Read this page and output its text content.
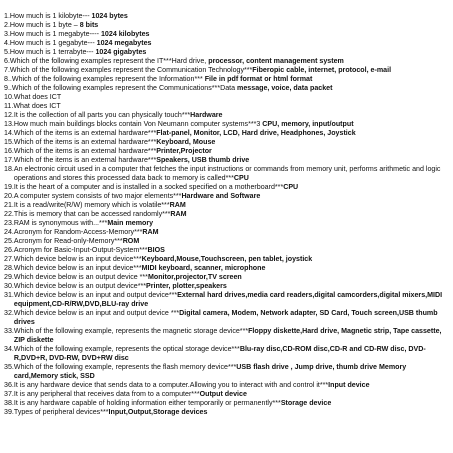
1. How much is 1 kilobyte--- 1024 bytes
2. How much is 1 byte – 8 bits
3. How much is 1 megabyte---- 1024 kilobytes
4. How much is 1 gegabyte--- 1024 megabytes
5. How much is 1 terrabyte--- 1024 gigabytes
6. Which of the following examples represent the IT***Hard drive, processor, content management system
7. Which of the following examples represent the Communication Technology***Fiberopic cable, internet, protocol, e-mail
8. .Which of the following examples represent the Information*** File in pdf format or html format
9. .Which of the following examples represent the Communications***Data message, voice, data packet
10. What does ICT
11. What does ICT
12. It is the collection of all parts you can physically touch***Hardware
13. How much main buildings blocks contain Von Neumann computer systems***3 CPU, memory, input/output
14. Which of the items is an external hardware***Flat-panel, Monitor, LCD, Hard drive, Headphones, Joystick
15. Which of the items is an external hardware***Keyboard, Mouse
16. Which of the items is an external hardware***Printer,Projector
17. Which of the items is an external hardware***Speakers, USB thumb drive
18. An electronic circuit used in a computer that fetches the input instructions or commands from memory unit, performs arithmetic and logic operations and stores this processed data back to memory is called***CPU
19. It is the heart of a computer and is installed in a socked specified on a motherboard***CPU
20. A computer system consists of two major elements***Hardware and Software
21. It is a read/write(R/W) memory which is volatile***RAM
22. This is memory that can be accessed randomly***RAM
23. RAM is synonymous with...***Main memory
24. Acronym for Random-Access-Memory***RAM
25. Acronym for Read-only-Memory***ROM
26. Acronym for Basic-Input-Output-System***BIOS
27. Which device below is an input device***Keyboard,Mouse,Touchscreen, pen tablet, joystick
28. Which device below is an input device***MIDI keyboard, scanner, microphone
29. Which device below is an output device ***Monitor,projector,TV screen
30. Which device below is an output device***Printer, plotter,speakers
31. Which device below is an input and output device***External hard drives,media card readers,digital camcorders,digital mixers,MIDI equipment,CD-R/RW,DVD,BLU-ray drive
32. Which device below is an input and output device ***Digital camera, Modem, Network adapter, SD Card, Touch screen,USB thumb drives
33. Which of the following example, represents the magnetic storage device***Floppy diskette,Hard drive, Magnetic strip, Tape cassette, ZIP diskette
34. Which of the following example, represents the optical storage device***Blu-ray disc,CD-ROM disc,CD-R and CD-RW disc, DVD-R,DVD+R, DVD-RW, DVD+RW disc
35. Which of the following example, represents the flash memory device***USB flash drive , Jump drive, thumb drive Memory card,Memory stick, SSD
36. It is any hardware device that sends data to a computer.Allowing you to interact with and control it***Input device
37. It is any peripheral that receives data from to a computer***Output device
38. It is any hardware capable of holding information either temporarily or permanently***Storage device
39. Types of peripheral devices***Input,Output,Storage devices
